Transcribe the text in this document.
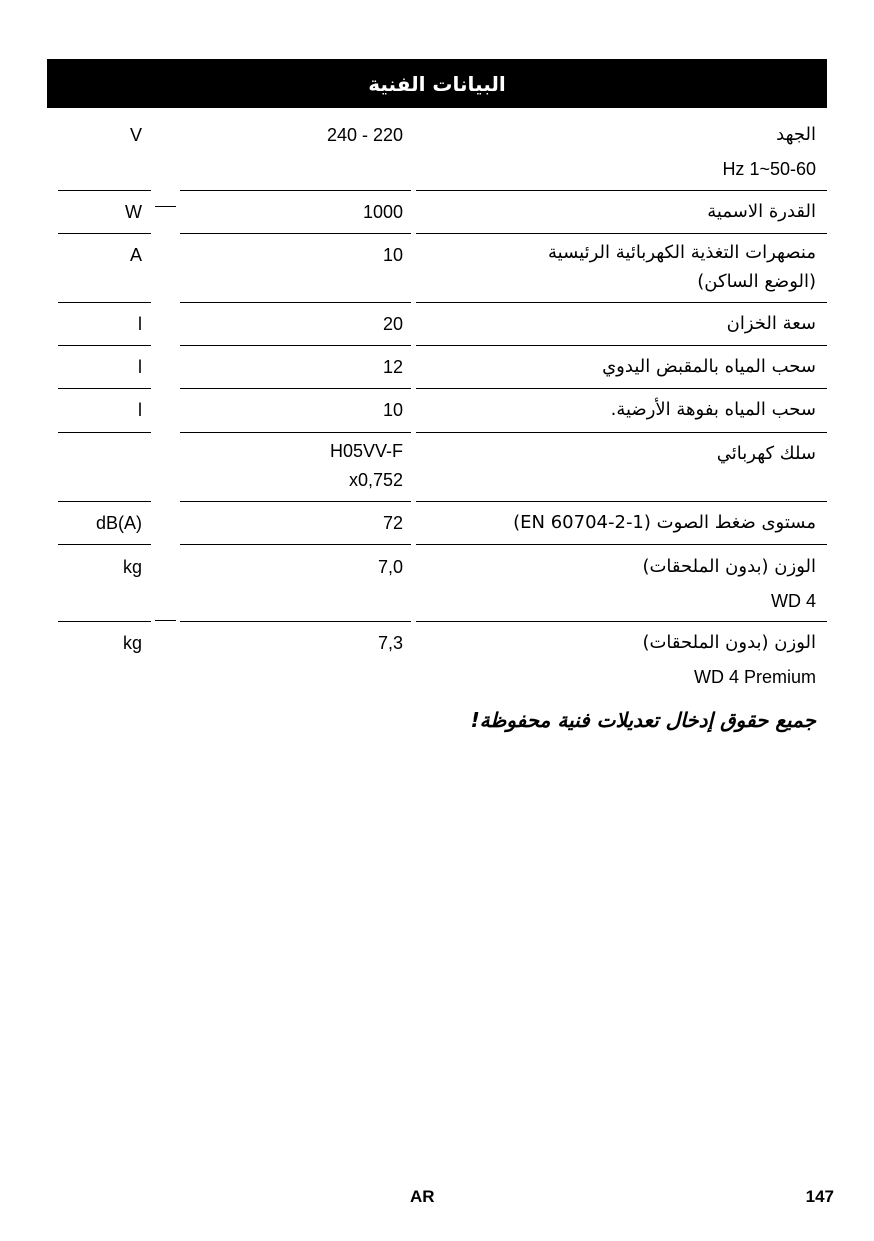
البيانات الفنية
الجهد
Hz 1~50-60
240 - 220
V
القدرة الاسمية
1000
W
منصهرات التغذية الكهربائية الرئيسية
(الوضع الساكن)
10
A
سعة الخزان
20
l
سحب المياه بالمقبض اليدوي
12
l
سحب المياه بفوهة الأرضية.
10
l
سلك كهربائي
H05VV-F
x0,752
مستوى ضغط الصوت (EN 60704-2-1)
72
dB(A)
الوزن (بدون الملحقات)
WD 4
7,0
kg
الوزن (بدون الملحقات)
WD 4 Premium
7,3
kg
جميع حقوق إدخال تعديلات فنية محفوظة!
AR	147
